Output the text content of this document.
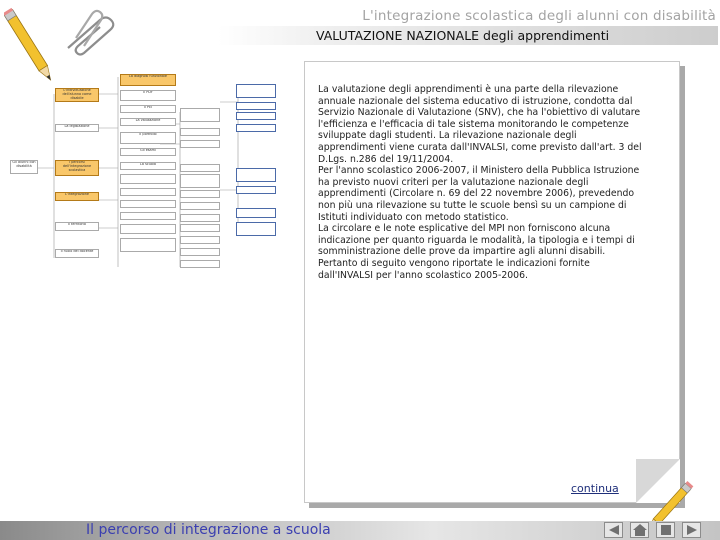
L'integrazione scolastica degli alunni con disabilità
VALUTAZIONE NAZIONALE degli apprendimenti
Gli alunni con disabilità
L'individuazione dell'alunno come disabile
La legislazione
I percorsi dell'integrazione scolastica
L'integrazione
Il territorio
Il ruolo del docente
La diagnosi funzionale
Il PDF
Il PEI
La valutazione
Il portfolio
Gli esami
La scuola
La valutazione degli apprendimenti è una parte della rilevazione annuale nazionale del sistema educativo di istruzione, condotta dal Servizio Nazionale di Valutazione (SNV), che ha l'obiettivo di valutare l'efficienza e l'efficacia di tale sistema monitorando le competenze sviluppate dagli studenti. La rilevazione nazionale degli apprendimenti viene curata dall'INVALSI, come previsto dall'art. 3 del D.Lgs. n.286 del 19/11/2004.
Per l'anno scolastico 2006-2007, il Ministero della Pubblica Istruzione ha previsto nuovi criteri per la valutazione nazionale degli apprendimenti (Circolare n. 69 del 22 novembre 2006), prevedendo non più una rilevazione su tutte le scuole bensì su un campione di Istituti individuato con metodo statistico.
La circolare e le note esplicative del MPI non forniscono alcuna indicazione per quanto riguarda le modalità, la tipologia e i tempi di somministrazione delle prove da impartire agli alunni disabili. Pertanto di seguito vengono riportate le indicazioni fornite dall'INVALSI per l'anno scolastico 2005-2006.
continua
Il percorso di integrazione a scuola
